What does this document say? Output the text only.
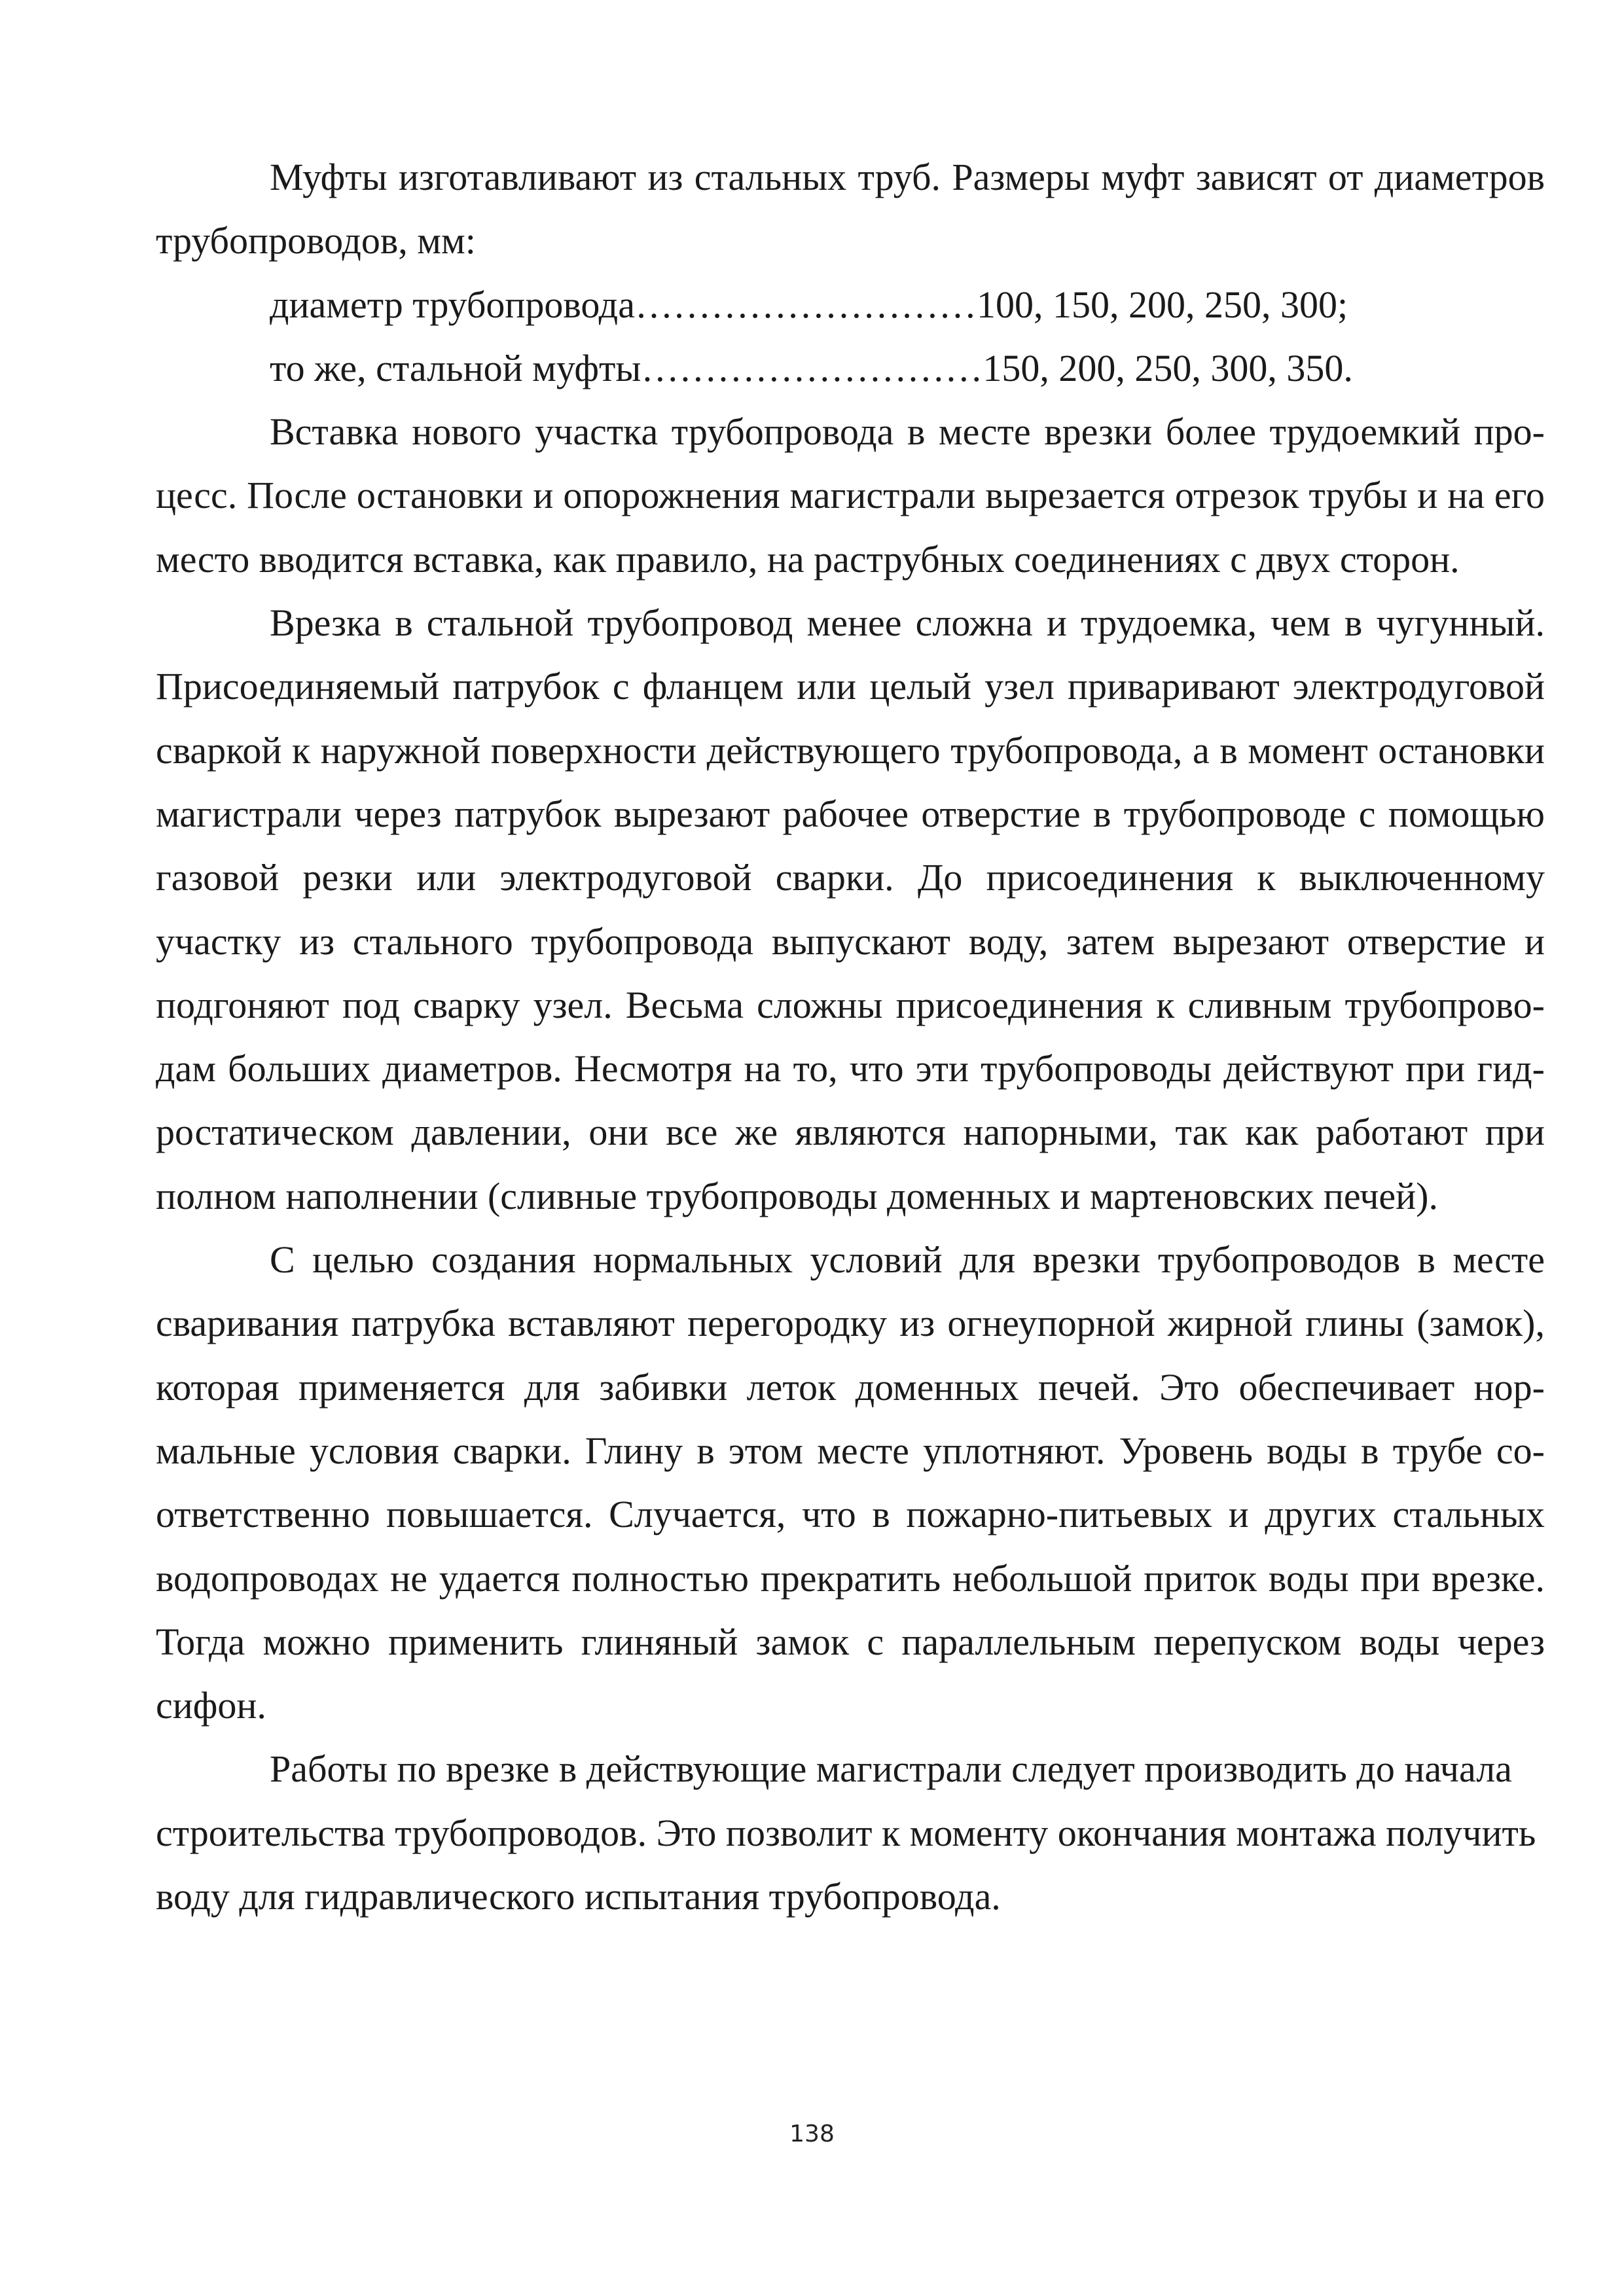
Муфты изготавливают из стальных труб. Размеры муфт зависят от диаметров трубопроводов, мм:

диаметр трубопровода………………………100, 150, 200, 250, 300;
то же, стальной муфты………………………150, 200, 250, 300, 350.

Вставка нового участка трубопровода в месте врезки более трудоемкий процесс. После остановки и опорожнения магистрали вырезается отрезок трубы и на его место вводится вставка, как правило, на раструбных соединениях с двух сторон.

Врезка в стальной трубопровод менее сложна и трудоемка, чем в чугунный. Присоединяемый патрубок с фланцем или целый узел приваривают электродуговой сваркой к наружной поверхности действующего трубопровода, а в момент остановки магистрали через патрубок вырезают рабочее отверстие в трубопроводе с помощью газовой резки или электродуговой сварки. До присоединения к выключенному участку из стального трубопровода выпускают воду, затем вырезают отверстие и подгоняют под сварку узел. Весьма сложны присоединения к сливным трубопроводам больших диаметров. Несмотря на то, что эти трубопроводы действуют при гидростатическом давлении, они все же являются напорными, так как работают при полном наполнении (сливные трубопроводы доменных и мартеновских печей).

С целью создания нормальных условий для врезки трубопроводов в месте сваривания патрубка вставляют перегородку из огнеупорной жирной глины (замок), которая применяется для забивки леток доменных печей. Это обеспечивает нормальные условия сварки. Глину в этом месте уплотняют. Уровень воды в трубе соответственно повышается. Случается, что в пожарно-питьевых и других стальных водопроводах не удается полностью прекратить небольшой приток воды при врезке. Тогда можно применить глиняный замок с параллельным перепуском воды через сифон.

Работы по врезке в действующие магистрали следует производить до начала строительства трубопроводов. Это позволит к моменту окончания монтажа получить воду для гидравлического испытания трубопровода.

138
